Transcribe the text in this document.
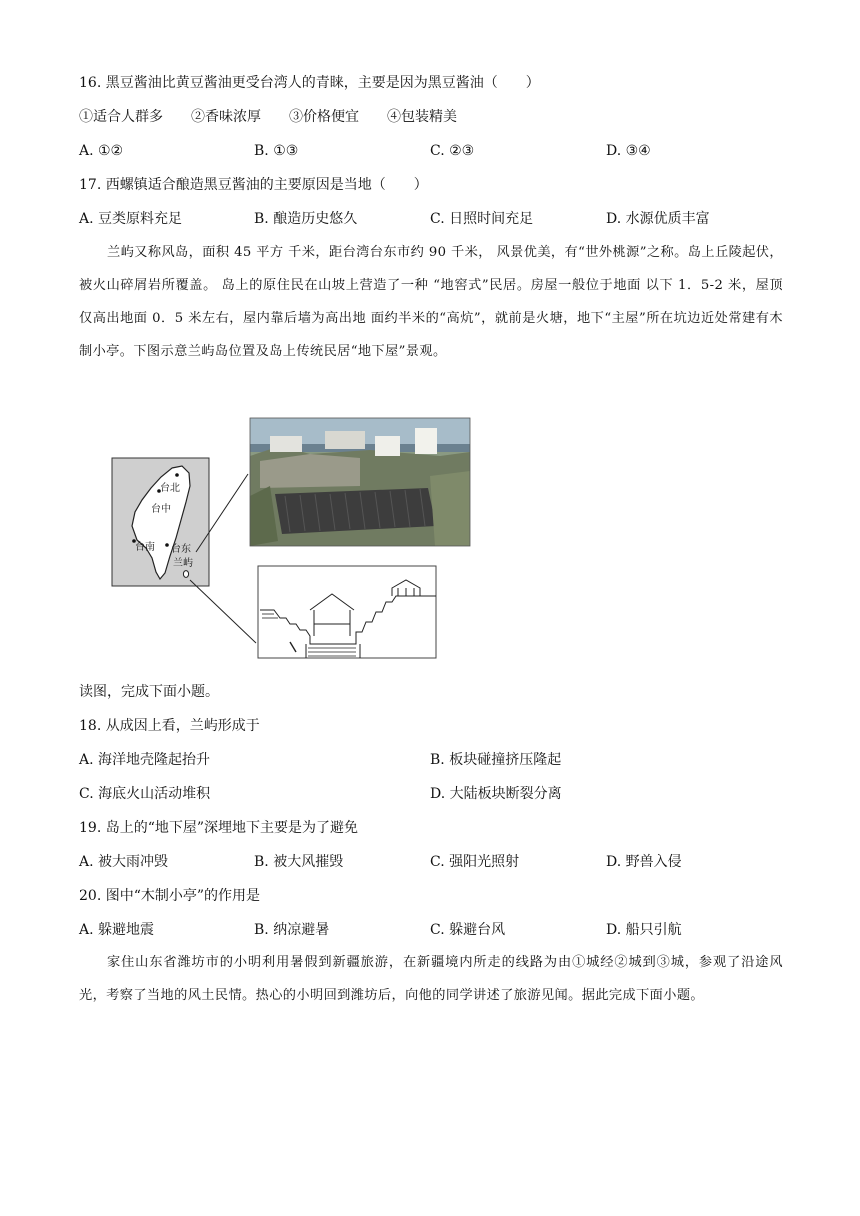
16. 黑豆酱油比黄豆酱油更受台湾人的青睐，主要是因为黑豆酱油（　　）
①适合人群多　　②香味浓厚　　③价格便宜　　④包装精美
A. ①②	B. ①③	C. ②③	D. ③④
17. 西螺镇适合酿造黑豆酱油的主要原因是当地（　　）
A. 豆类原料充足	B. 酿造历史悠久	C. 日照时间充足	D. 水源优质丰富

兰屿又称风岛，面积 45 平方 千米，距台湾台东市约 90 千米， 风景优美，有“世外桃源”之称。岛上丘陵起伏，被火山碎屑岩所覆盖。 岛上的原住民在山坡上营造了一种 “地窖式”民居。房屋一般位于地面 以下 1．5-2 米，屋顶仅高出地面 0．5 米左右，屋内靠后墙为高出地 面约半米的“高炕”，就前是火塘，地下“主屋”所在坑边近处常建有木制小亭。下图示意兰屿岛位置及岛上传统民居“地下屋”景观。

台北
台中
台南 台东
兰屿
读图，完成下面小题。
18. 从成因上看，兰屿形成于
A. 海洋地壳隆起抬升	B. 板块碰撞挤压隆起
C. 海底火山活动堆积	D. 大陆板块断裂分离
19. 岛上的“地下屋”深埋地下主要是为了避免
A. 被大雨冲毁	B. 被大风摧毁	C. 强阳光照射	D. 野兽入侵
20. 图中“木制小亭”的作用是
A. 躲避地震	B. 纳凉避暑	C. 躲避台风	D. 船只引航

家住山东省潍坊市的小明利用暑假到新疆旅游，在新疆境内所走的线路为由①城经②城到③城，参观了沿途风光，考察了当地的风土民情。热心的小明回到潍坊后，向他的同学讲述了旅游见闻。据此完成下面小题。
